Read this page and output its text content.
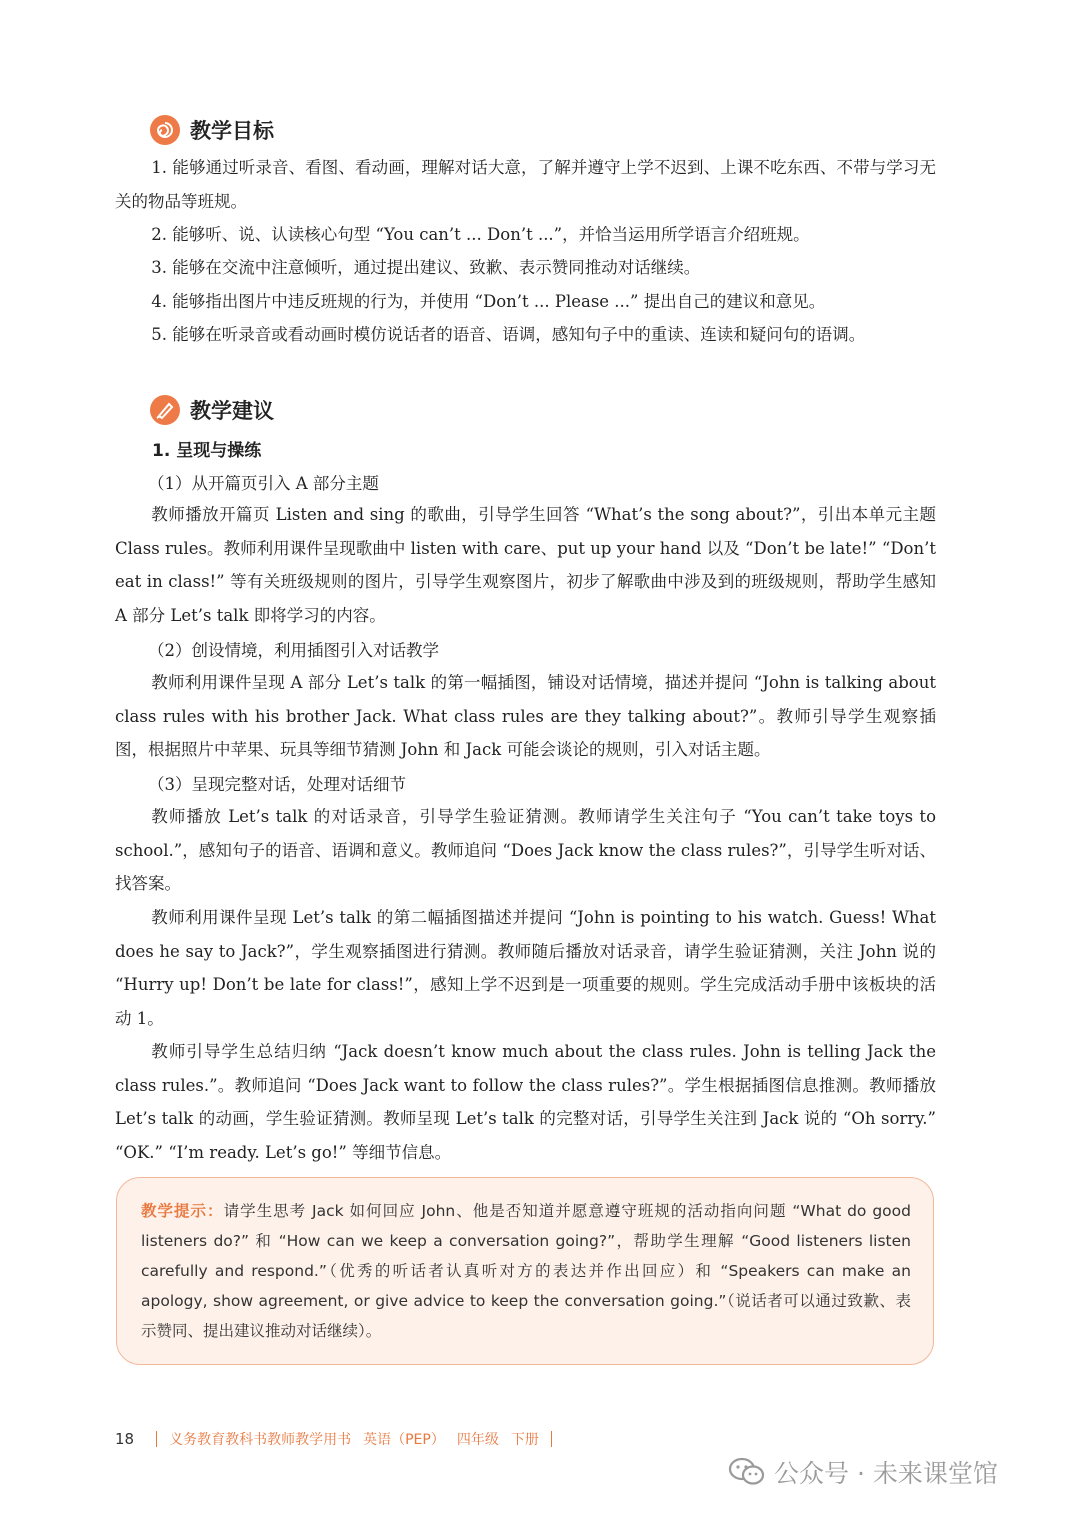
教学目标

1. 能够通过听录音、看图、看动画，理解对话大意，了解并遵守上学不迟到、上课不吃东西、不带与学习无关的物品等班规。

2. 能够听、说、认读核心句型 “You can’t ... Don’t ...”，并恰当运用所学语言介绍班规。

3. 能够在交流中注意倾听，通过提出建议、致歉、表示赞同推动对话继续。

4. 能够指出图片中违反班规的行为，并使用 “Don’t ... Please ...” 提出自己的建议和意见。

5. 能够在听录音或看动画时模仿说话者的语音、语调，感知句子中的重读、连读和疑问句的语调。

教学建议
1. 呈现与操练
（1）从开篇页引入 A 部分主题

教师播放开篇页 Listen and sing 的歌曲，引导学生回答 “What’s the song about?”，引出本单元主题 Class rules。教师利用课件呈现歌曲中 listen with care、put up your hand 以及 “Don’t be late!” “Don’t eat in class!” 等有关班级规则的图片，引导学生观察图片，初步了解歌曲中涉及到的班级规则，帮助学生感知 A 部分 Let’s talk 即将学习的内容。

（2）创设情境，利用插图引入对话教学

教师利用课件呈现 A 部分 Let’s talk 的第一幅插图，铺设对话情境，描述并提问 “John is talking about class rules with his brother Jack. What class rules are they talking about?”。教师引导学生观察插图，根据照片中苹果、玩具等细节猜测 John 和 Jack 可能会谈论的规则，引入对话主题。

（3）呈现完整对话，处理对话细节

教师播放 Let’s talk 的对话录音，引导学生验证猜测。教师请学生关注句子 “You can’t take toys to school.”，感知句子的语音、语调和意义。教师追问 “Does Jack know the class rules?”，引导学生听对话、找答案。

教师利用课件呈现 Let’s talk 的第二幅插图描述并提问 “John is pointing to his watch. Guess! What does he say to Jack?”，学生观察插图进行猜测。教师随后播放对话录音，请学生验证猜测，关注 John 说的 “Hurry up! Don’t be late for class!”，感知上学不迟到是一项重要的规则。学生完成活动手册中该板块的活动 1。

教师引导学生总结归纳 “Jack doesn’t know much about the class rules. John is telling Jack the class rules.”。教师追问 “Does Jack want to follow the class rules?”。学生根据插图信息推测。教师播放 Let’s talk 的动画，学生验证猜测。教师呈现 Let’s talk 的完整对话，引导学生关注到 Jack 说的 “Oh sorry.” “OK.” “I’m ready. Let’s go!” 等细节信息。

教学提示：请学生思考 Jack 如何回应 John、他是否知道并愿意遵守班规的活动指向问题 “What do good listeners do?” 和 “How can we keep a conversation going?”，帮助学生理解 “Good listeners listen carefully and respond.”（优秀的听话者认真听对方的表达并作出回应）和 “Speakers can make an apology, show agreement, or give advice to keep the conversation going.”（说话者可以通过致歉、表示赞同、提出建议推动对话继续）。

18	义务教育教科书教师教学用书 英语（PEP） 四年级 下册
公众号 · 未来课堂馆
